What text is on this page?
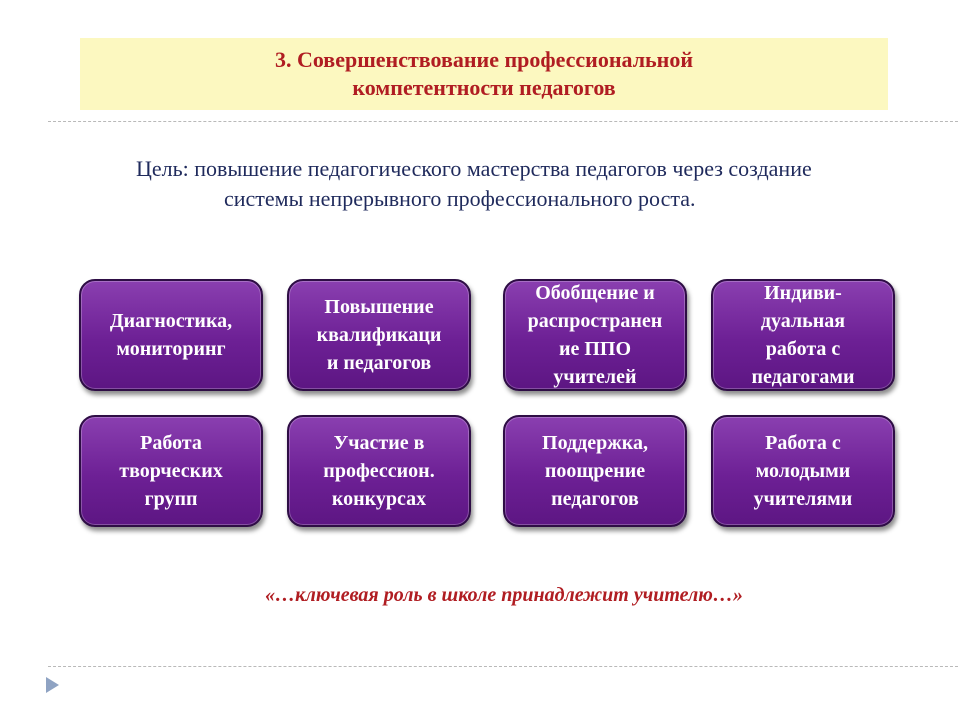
3. Совершенствование профессиональной
компетентности педагогов
Цель: повышение педагогического мастерства педагогов через создание
системы непрерывного профессионального роста.
Диагностика,
мониторинг
Повышение
квалификаци
и педагогов
Обобщение и
распространен
ие ППО
учителей
Индиви-
дуальная
работа с
педагогами
Работа
творческих
групп
Участие в
профессион.
конкурсах
Поддержка,
поощрение
педагогов
Работа с
молодыми
учителями
«…ключевая роль в школе принадлежит учителю…»
